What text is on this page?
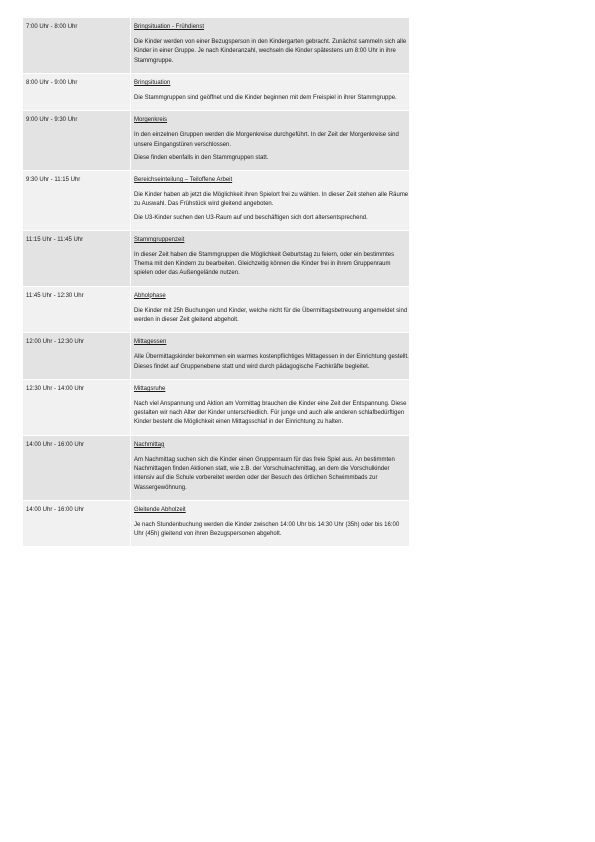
7:00 Uhr - 8:00 Uhr	Bringsituation - Frühdienst

Die Kinder werden von einer Bezugsperson in den Kindergarten gebracht. Zunächst sammeln sich alle Kinder in einer Gruppe. Je nach Kinderanzahl, wechseln die Kinder spätestens um 8:00 Uhr in ihre Stammgruppe.

8:00 Uhr - 9:00 Uhr	Bringsituation

Die Stammgruppen sind geöffnet und die Kinder beginnen mit dem Freispiel in ihrer Stammgruppe.

9:00 Uhr - 9:30 Uhr	Morgenkreis

In den einzelnen Gruppen werden die Morgenkreise durchgeführt. In der Zeit der Morgenkreise sind unsere Eingangstüren verschlossen.

Diese finden ebenfalls in den Stammgruppen statt.

9:30 Uhr - 11:15 Uhr	Bereichseinteilung – Teiloffene Arbeit

Die Kinder haben ab jetzt die Möglichkeit ihren Spielort frei zu wählen. In dieser Zeit stehen alle Räume zu Auswahl. Das Frühstück wird gleitend angeboten.

Die U3-Kinder suchen den U3-Raum auf und beschäftigen sich dort altersentsprechend.

11:15 Uhr - 11:45 Uhr	Stammgruppenzeit

In dieser Zeit haben die Stammgruppen die Möglichkeit Geburtstag zu feiern, oder ein bestimmtes Thema mit den Kindern zu bearbeiten. Gleichzeitig können die Kinder frei in ihrem Gruppenraum spielen oder das Außengelände nutzen.

11:45 Uhr - 12:30 Uhr	Abholphase

Die Kinder mit 25h Buchungen und Kinder, welche nicht für die Übermittagsbetreuung angemeldet sind werden in dieser Zeit gleitend abgeholt.

12:00 Uhr - 12:30 Uhr	Mittagessen

Alle Übermittagskinder bekommen ein warmes kostenpflichtiges Mittagessen in der Einrichtung gestellt. Dieses findet auf Gruppenebene statt und wird durch pädagogische Fachkräfte begleitet.

12:30 Uhr - 14:00 Uhr	Mittagsruhe

Nach viel Anspannung und Aktion am Vormittag brauchen die Kinder eine Zeit der Entspannung. Diese gestalten wir nach Alter der Kinder unterschiedlich. Für junge und auch alle anderen schlafbedürftigen Kinder besteht die Möglichkeit einen Mittagsschlaf in der Einrichtung zu halten.

14:00 Uhr - 16:00 Uhr	Nachmittag

Am Nachmittag suchen sich die Kinder einen Gruppenraum für das freie Spiel aus. An bestimmten Nachmittagen finden Aktionen statt, wie z.B. der Vorschulnachmittag, an dem die Vorschulkinder intensiv auf die Schule vorbereitet werden oder der Besuch des örtlichen Schwimmbads zur Wassergewöhnung.

14:00 Uhr - 16:00 Uhr	Gleitende Abholzeit

Je nach Stundenbuchung werden die Kinder zwischen 14:00 Uhr bis 14:30 Uhr (35h) oder bis 16:00 Uhr (45h) gleitend von ihren Bezugspersonen abgeholt.
